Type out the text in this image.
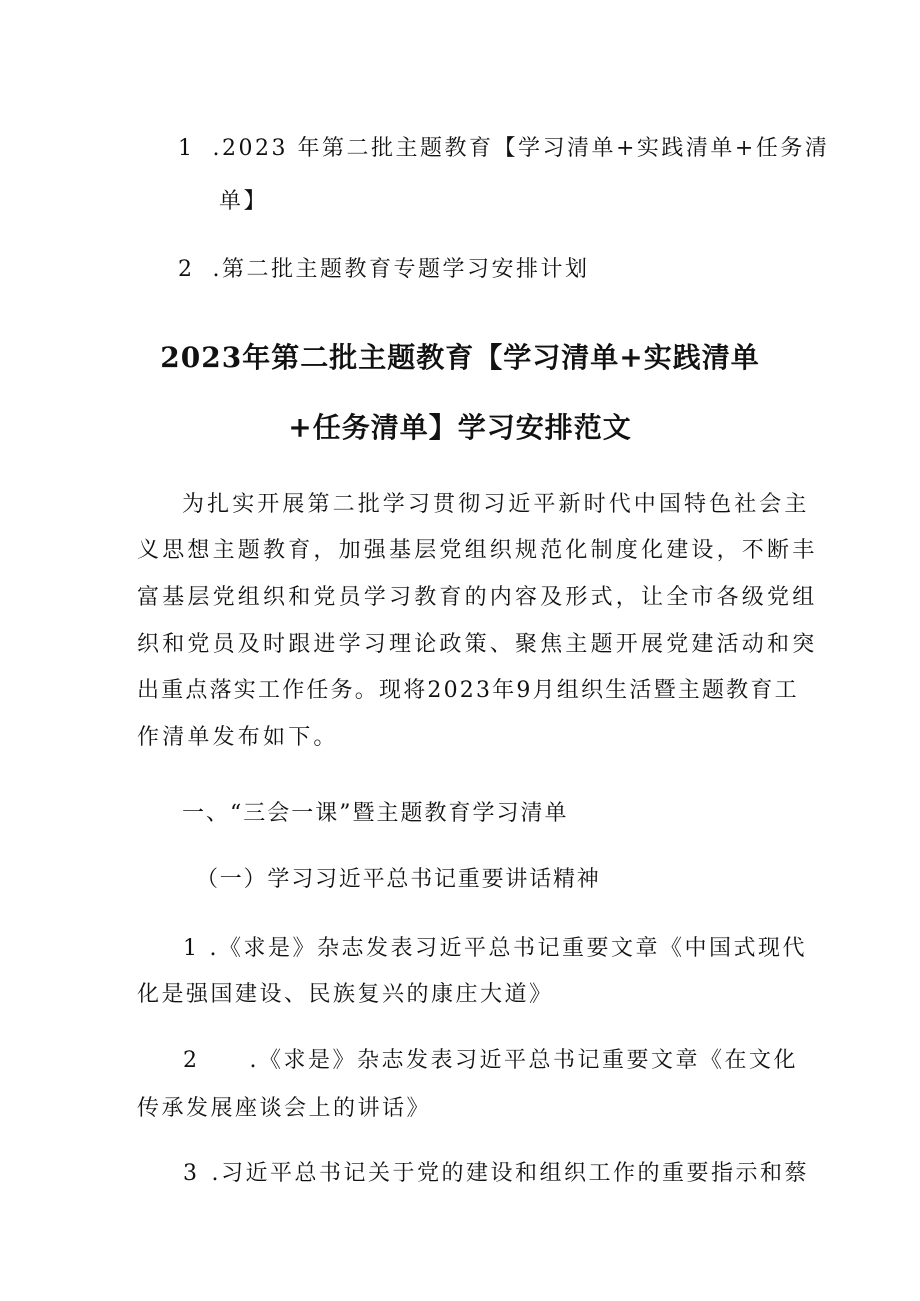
1 .2023 年第二批主题教育【学习清单+实践清单+任务清
单】
2 .第二批主题教育专题学习安排计划
2023年第二批主题教育【学习清单+实践清单
+任务清单】学习安排范文
为扎实开展第二批学习贯彻习近平新时代中国特色社会主
义思想主题教育，加强基层党组织规范化制度化建设，不断丰
富基层党组织和党员学习教育的内容及形式，让全市各级党组
织和党员及时跟进学习理论政策、聚焦主题开展党建活动和突
出重点落实工作任务。现将2023年9月组织生活暨主题教育工
作清单发布如下。
一、“三会一课”暨主题教育学习清单
（一）学习习近平总书记重要讲话精神
1 .《求是》杂志发表习近平总书记重要文章《中国式现代
化是强国建设、民族复兴的康庄大道》
2 .《求是》杂志发表习近平总书记重要文章《在文化
传承发展座谈会上的讲话》
3 .习近平总书记关于党的建设和组织工作的重要指示和蔡
